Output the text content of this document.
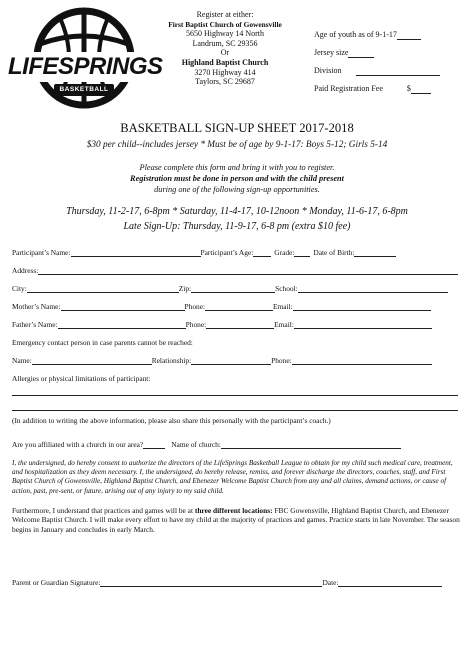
LIFESPRINGS
BASKETBALL
Register at either:
First Baptist Church of Gowensville
5650 Highway 14 North
Landrum, SC 29356
Or
Highland Baptist Church
3270 Highway 414
Taylors, SC 29687
Age of youth as of 9-1-17
Jersey size
Division
Paid Registration Fee	$
BASKETBALL SIGN-UP SHEET 2017-2018
$30 per child--includes jersey * Must be of age by 9-1-17: Boys 5-12; Girls 5-14
Please complete this form and bring it with you to register.
Registration must be done in person and with the child present
during one of the following sign-up opportunities.
Thursday, 11-2-17, 6-8pm * Saturday, 11-4-17, 10-12noon * Monday, 11-6-17, 6-8pm
Late Sign-Up: Thursday, 11-9-17, 6-8 pm (extra $10 fee)
Participant’s Name:	Participant’s Age:	Grade:	Date of Birth:
Address:
City:	Zip:	School:
Mother’s Name:	Phone:	Email:
Father’s Name:	Phone:	Email:
Emergency contact person in case parents cannot be reached:
Name:	Relationship:	Phone:
Allergies or physical limitations of participant:
(In addition to writing the above information, please also share this personally with the participant’s coach.)
Are you affiliated with a church in our area?	Name of church:
I, the undersigned, do hereby consent to authorize the directors of the LifeSprings Basketball League to obtain for my child such medical care, treatment, and hospitalization as they deem necessary. I, the undersigned, do hereby release, remiss, and forever discharge the directors, coaches, staff, and First Baptist Church of Gowensville, Highland Baptist Church, and Ebenezer Welcome Baptist Church from any and all claims, demand actions, or cause of action, past, pre-sent, or future, arising out of any injury to my said child.
Furthermore, I understand that practices and games will be at three different locations: FBC Gowensville, Highland Baptist Church, and Ebenezer Welcome Baptist Church. I will make every effort to have my child at the majority of practices and games. Practice starts in late November. The season begins in January and concludes in early March.
Parent or Guardian Signature:	Date:
